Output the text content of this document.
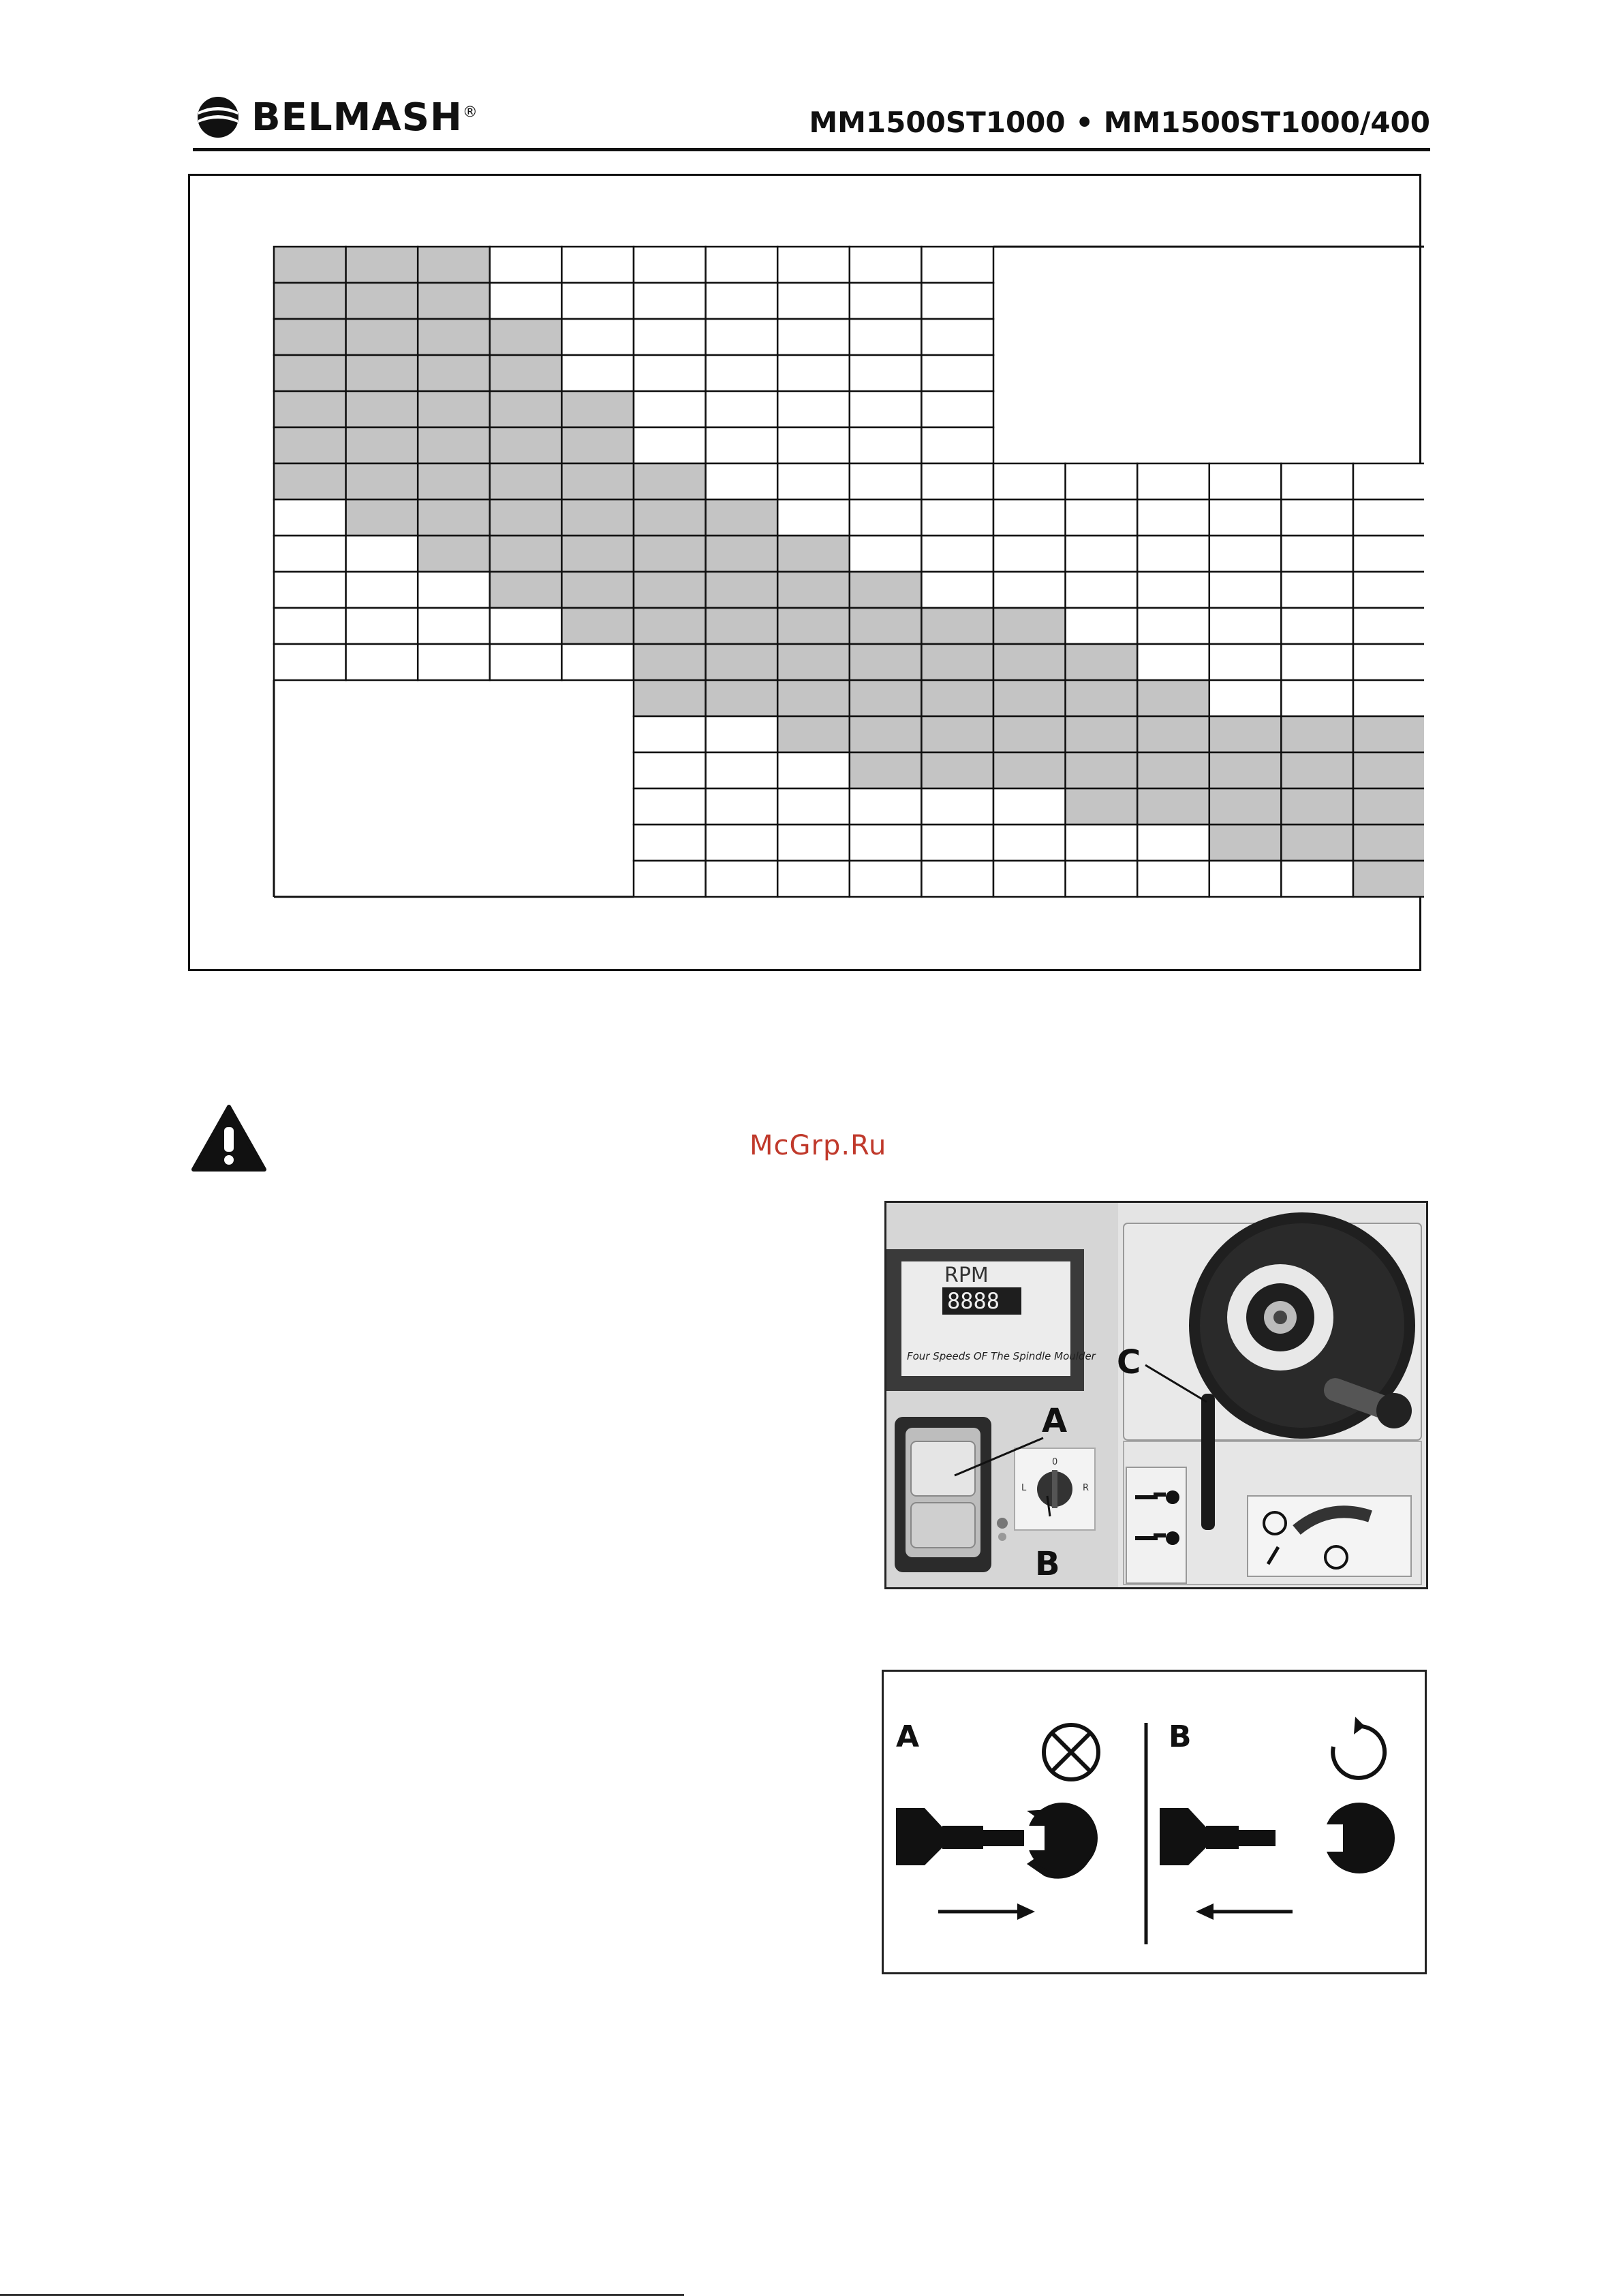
BELMASH®	MM1500ST1000 • MM1500ST1000/400
McGrp.Ru
RPM
8888
Four Speeds OF The Spindle Moulder
L	R
0
A
B
C
A	B
